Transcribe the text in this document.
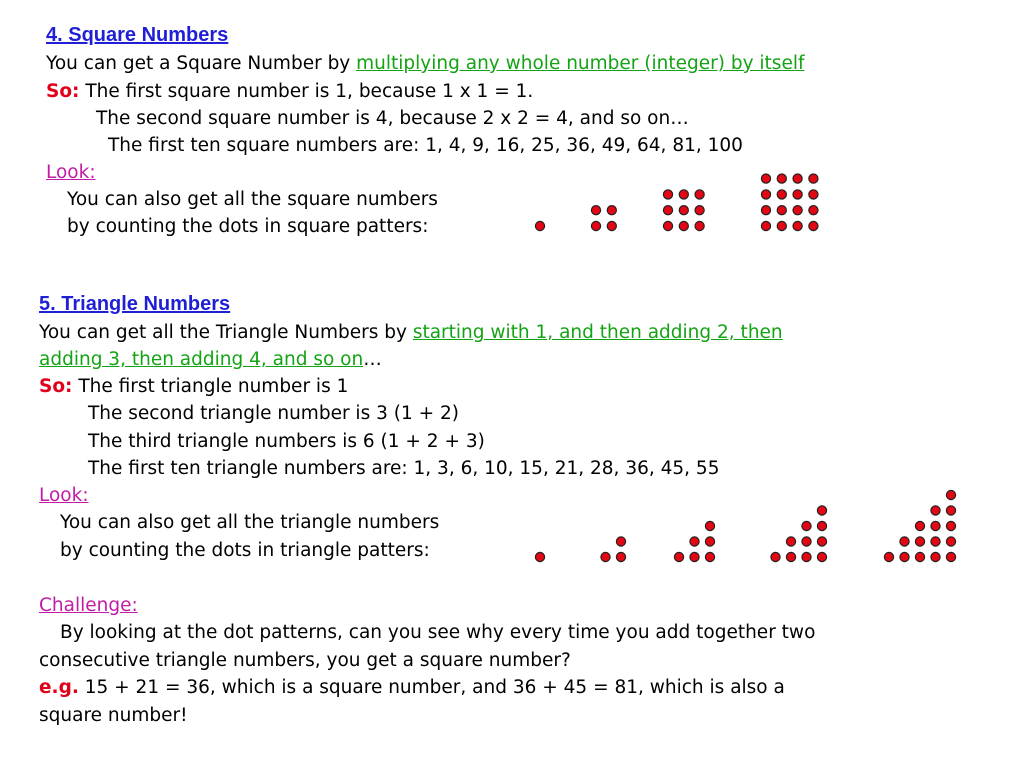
4. Square Numbers
You can get a Square Number by multiplying any whole number (integer) by itself
So: The first square number is 1, because 1 x 1 = 1.
The second square number is 4, because 2 x 2 = 4, and so on…
The first ten square numbers are: 1, 4, 9, 16, 25, 36, 49, 64, 81, 100
Look:
You can also get all the square numbers
by counting the dots in square patters:
5. Triangle Numbers
You can get all the Triangle Numbers by starting with 1, and then adding 2, then
adding 3, then adding 4, and so on…
So: The first triangle number is 1
The second triangle number is 3 (1 + 2)
The third triangle numbers is 6 (1 + 2 + 3)
The first ten triangle numbers are: 1, 3, 6, 10, 15, 21, 28, 36, 45, 55
Look:
You can also get all the triangle numbers
by counting the dots in triangle patters:
Challenge:
By looking at the dot patterns, can you see why every time you add together two
consecutive triangle numbers, you get a square number?
e.g. 15 + 21 = 36, which is a square number, and 36 + 45 = 81, which is also a
square number!
